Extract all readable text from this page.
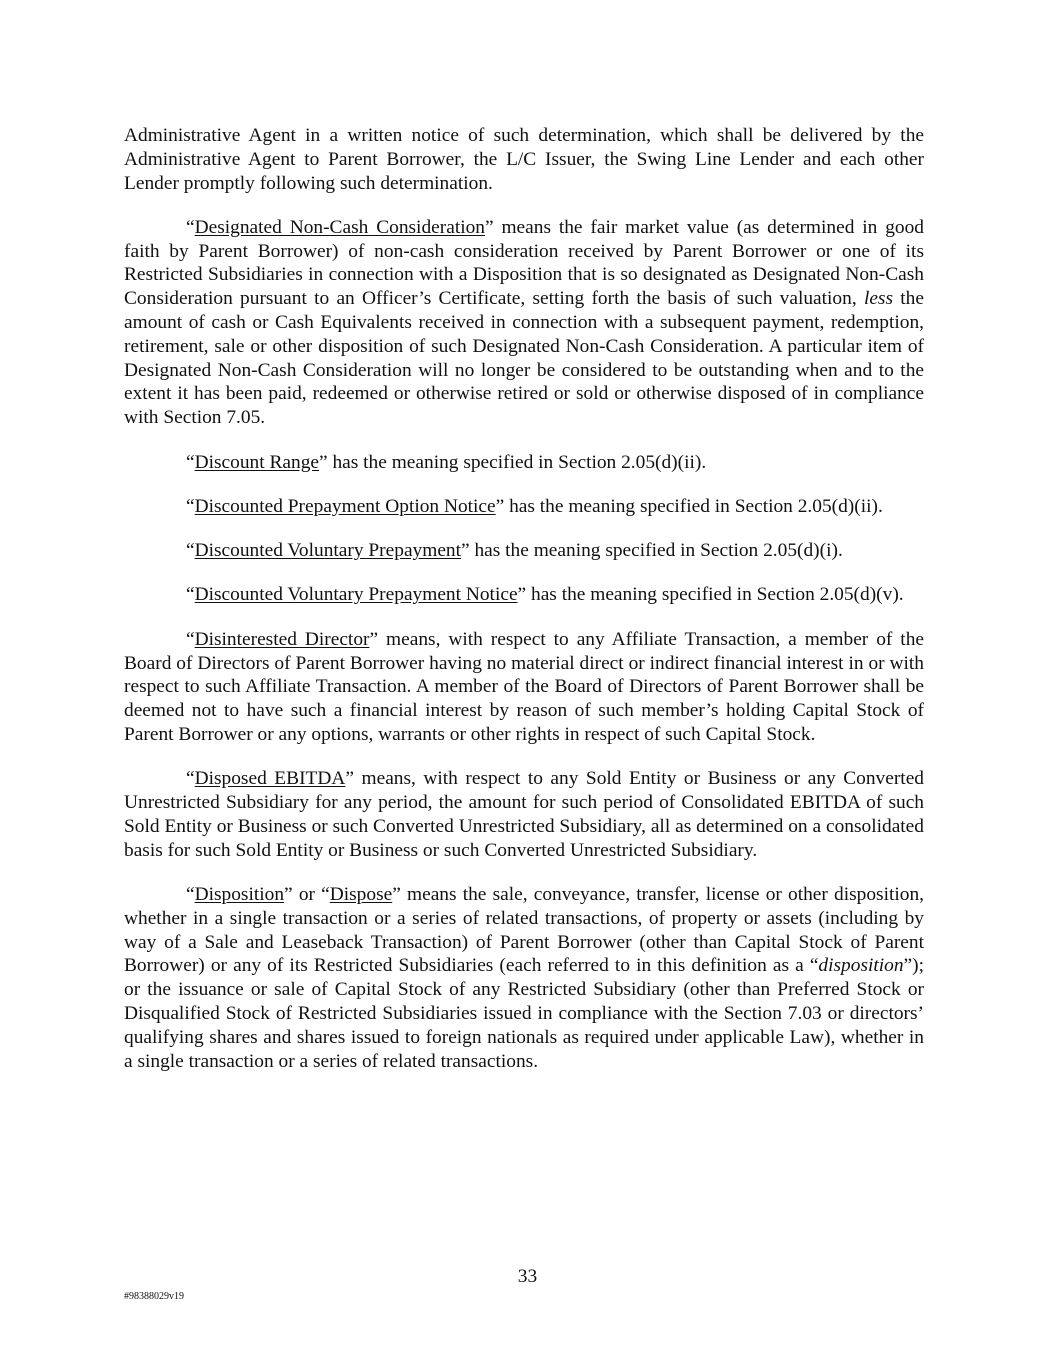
Administrative Agent in a written notice of such determination, which shall be delivered by the Administrative Agent to Parent Borrower, the L/C Issuer, the Swing Line Lender and each other Lender promptly following such determination.

“Designated Non-Cash Consideration” means the fair market value (as determined in good faith by Parent Borrower) of non-cash consideration received by Parent Borrower or one of its Restricted Subsidiaries in connection with a Disposition that is so designated as Designated Non-Cash Consideration pursuant to an Officer’s Certificate, setting forth the basis of such valuation, less the amount of cash or Cash Equivalents received in connection with a subsequent payment, redemption, retirement, sale or other disposition of such Designated Non-Cash Consideration. A particular item of Designated Non-Cash Consideration will no longer be considered to be outstanding when and to the extent it has been paid, redeemed or otherwise retired or sold or otherwise disposed of in compliance with Section 7.05.

“Discount Range” has the meaning specified in Section 2.05(d)(ii).

“Discounted Prepayment Option Notice” has the meaning specified in Section 2.05(d)(ii).

“Discounted Voluntary Prepayment” has the meaning specified in Section 2.05(d)(i).

“Discounted Voluntary Prepayment Notice” has the meaning specified in Section 2.05(d)(v).

“Disinterested Director” means, with respect to any Affiliate Transaction, a member of the Board of Directors of Parent Borrower having no material direct or indirect financial interest in or with respect to such Affiliate Transaction. A member of the Board of Directors of Parent Borrower shall be deemed not to have such a financial interest by reason of such member’s holding Capital Stock of Parent Borrower or any options, warrants or other rights in respect of such Capital Stock.

“Disposed EBITDA” means, with respect to any Sold Entity or Business or any Converted Unrestricted Subsidiary for any period, the amount for such period of Consolidated EBITDA of such Sold Entity or Business or such Converted Unrestricted Subsidiary, all as determined on a consolidated basis for such Sold Entity or Business or such Converted Unrestricted Subsidiary.

“Disposition” or “Dispose” means the sale, conveyance, transfer, license or other disposition, whether in a single transaction or a series of related transactions, of property or assets (including by way of a Sale and Leaseback Transaction) of Parent Borrower (other than Capital Stock of Parent Borrower) or any of its Restricted Subsidiaries (each referred to in this definition as a “disposition”); or the issuance or sale of Capital Stock of any Restricted Subsidiary (other than Preferred Stock or Disqualified Stock of Restricted Subsidiaries issued in compliance with the Section 7.03 or directors’ qualifying shares and shares issued to foreign nationals as required under applicable Law), whether in a single transaction or a series of related transactions.

33
#98388029v19
